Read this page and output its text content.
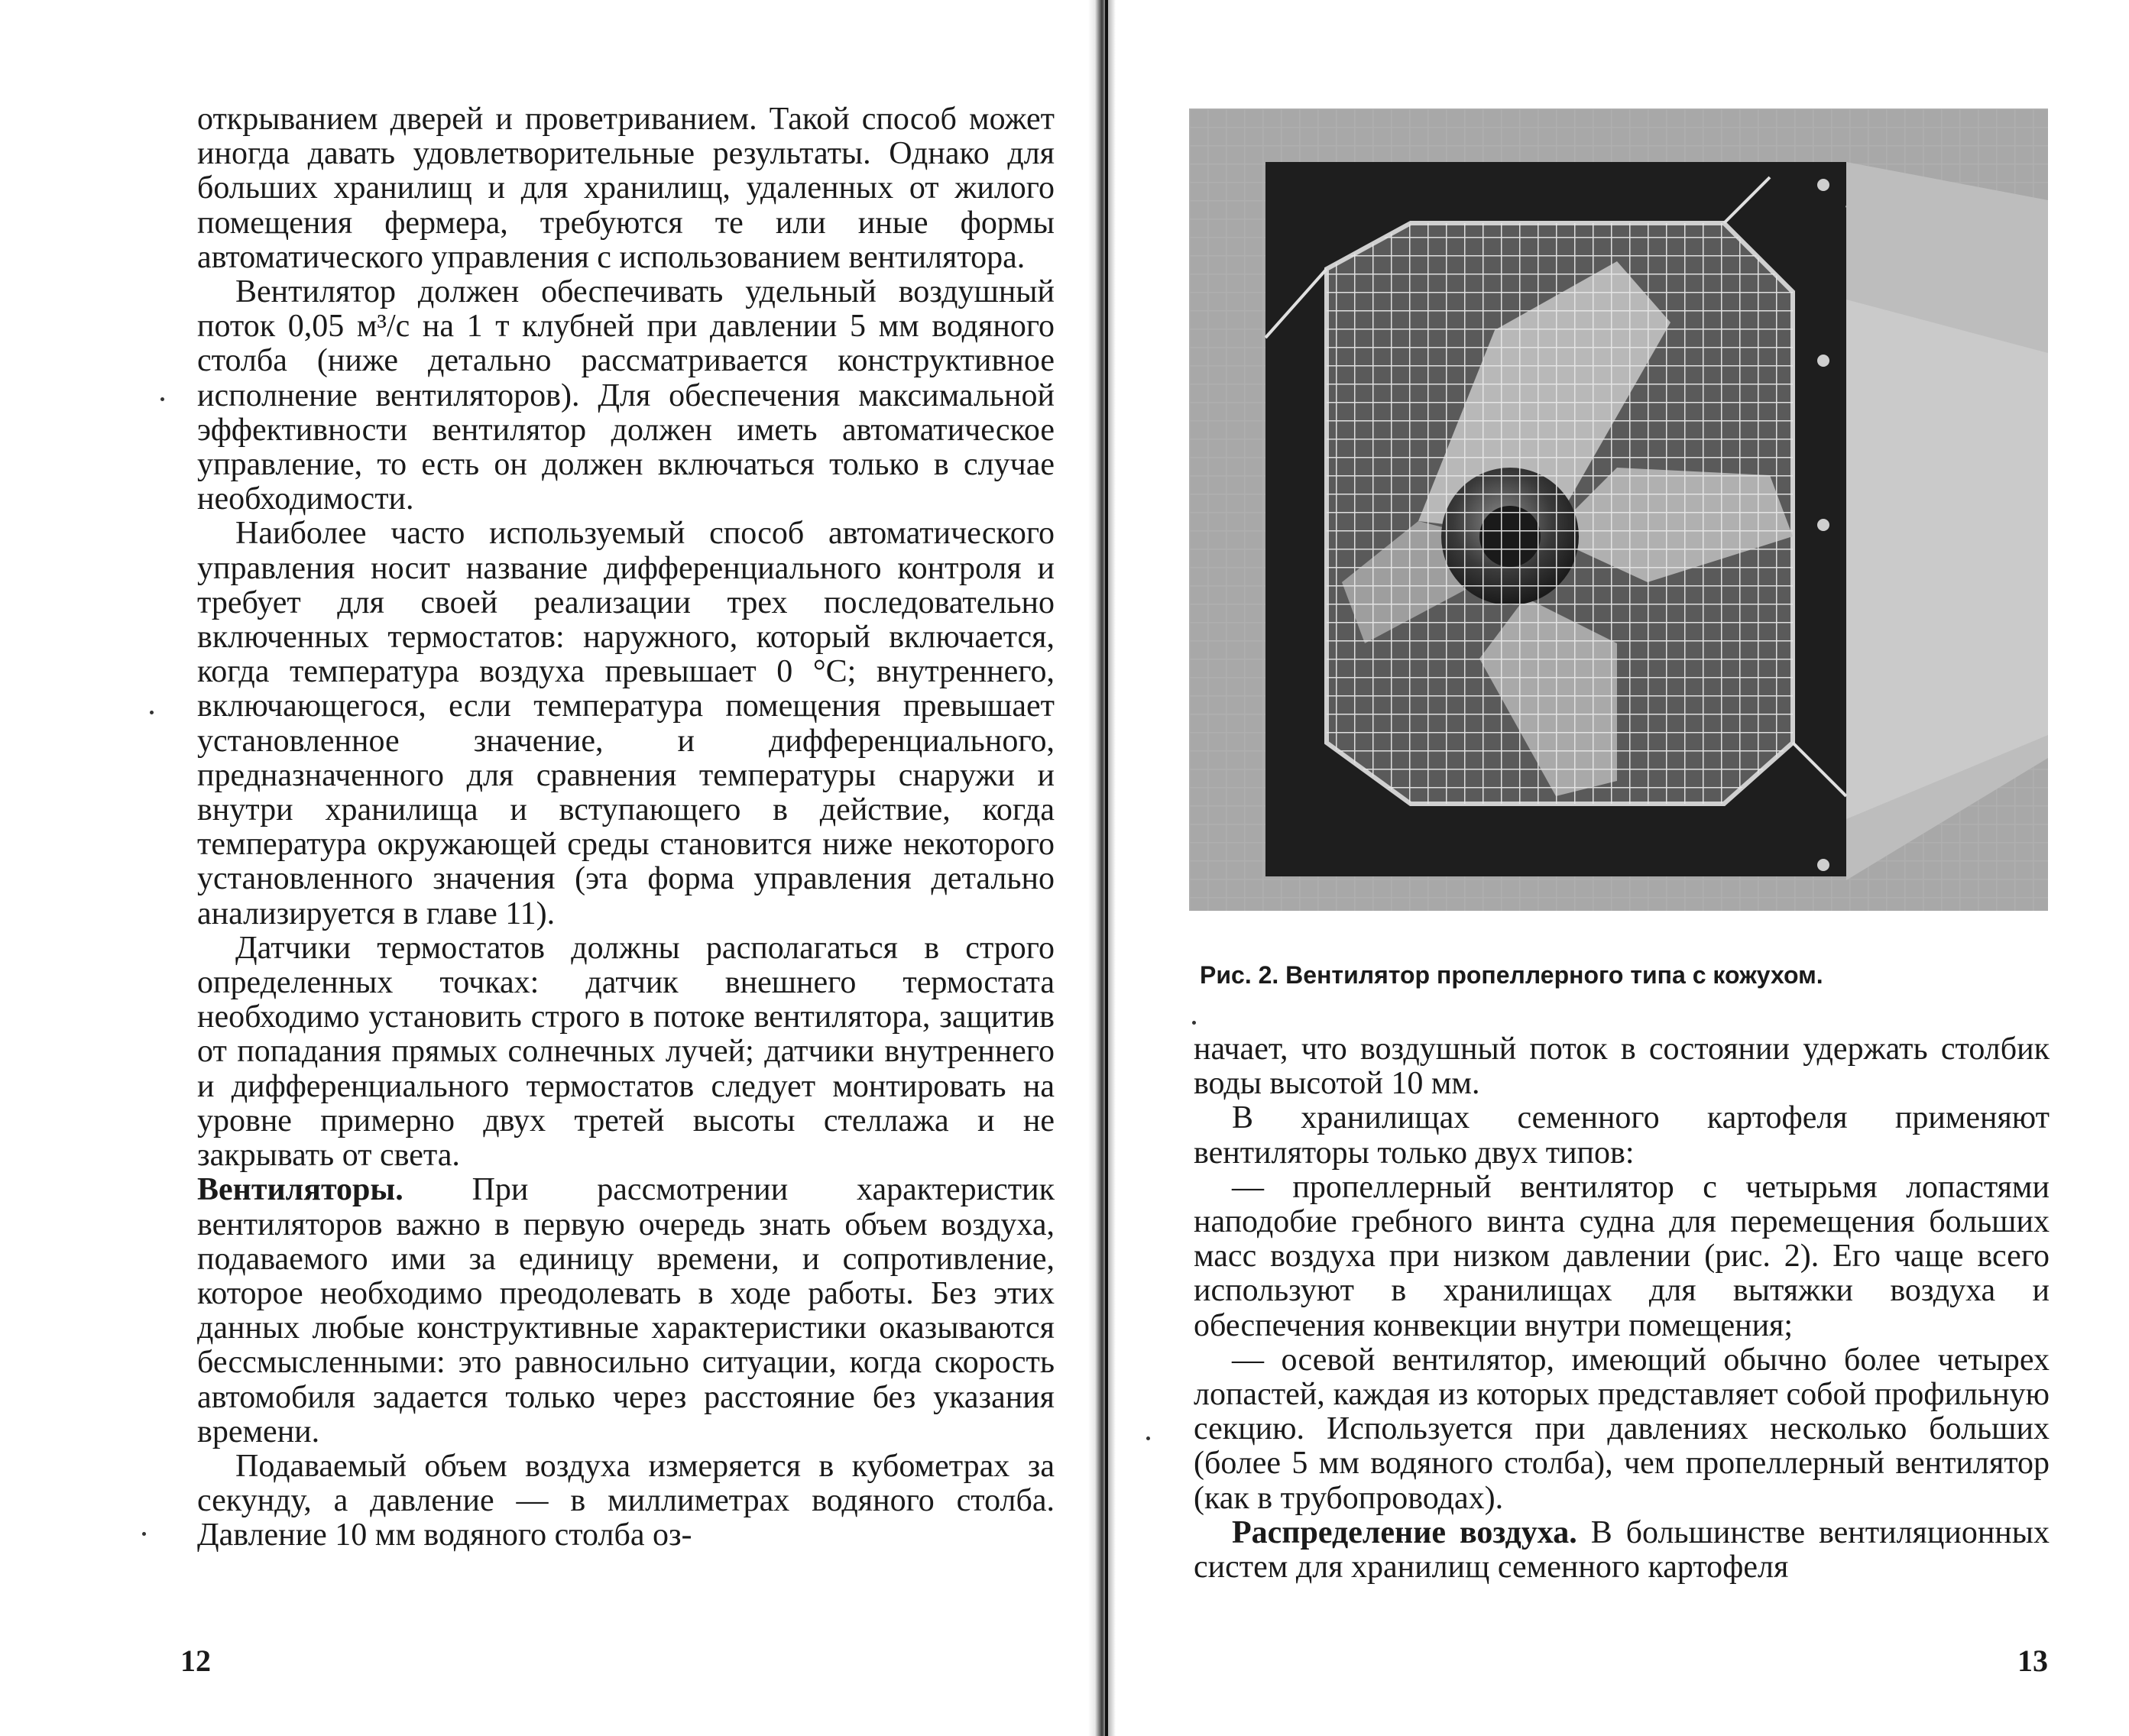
открыванием дверей и проветриванием. Такой способ может иногда давать удовлетворительные результаты. Однако для больших хранилищ и для хранилищ, удаленных от жилого помещения фермера, требуются те или иные формы автоматического управления с использованием вентилятора.

Вентилятор должен обеспечивать удельный воздушный поток 0,05 м³/с на 1 т клубней при давлении 5 мм водяного столба (ниже детально рассматривается конструктивное исполнение вентиляторов). Для обеспечения максимальной эффективности вентилятор должен иметь автоматическое управление, то есть он должен включаться только в случае необходимости.

Наиболее часто используемый способ автоматического управления носит название дифференциального контроля и требует для своей реализации трех последовательно включенных термостатов: наружного, который включается, когда температура воздуха превышает 0 °С; внутреннего, включающегося, если температура помещения превышает установленное значение, и дифференциального, предназначенного для сравнения температуры снаружи и внутри хранилища и вступающего в действие, когда температура окружающей среды становится ниже некоторого установленного значения (эта форма управления детально анализируется в главе 11).

Датчики термостатов должны располагаться в строго определенных точках: датчик внешнего термостата необходимо установить строго в потоке вентилятора, защитив от попадания прямых солнечных лучей; датчики внутреннего и дифференциального термостатов следует монтировать на уровне примерно двух третей высоты стеллажа и не закрывать от света.

Вентиляторы. При рассмотрении характеристик вентиляторов важно в первую очередь знать объем воздуха, подаваемого ими за единицу времени, и сопротивление, которое необходимо преодолевать в ходе работы. Без этих данных любые конструктивные характеристики оказываются бессмысленными: это равносильно ситуации, когда скорость автомобиля задается только через расстояние без указания времени.

Подаваемый объем воздуха измеряется в кубометрах за секунду, а давление — в миллиметрах водяного столба. Давление 10 мм водяного столба оз-

12
Рис. 2. Вентилятор пропеллерного типа с кожухом.

начает, что воздушный поток в состоянии удержать столбик воды высотой 10 мм.

В хранилищах семенного картофеля применяют вентиляторы только двух типов:

— пропеллерный вентилятор с четырьмя лопастями наподобие гребного винта судна для перемещения больших масс воздуха при низком давлении (рис. 2). Его чаще всего используют в хранилищах для вытяжки воздуха и обеспечения конвекции внутри помещения;

— осевой вентилятор, имеющий обычно более четырех лопастей, каждая из которых представляет собой профильную секцию. Используется при давлениях несколько больших (более 5 мм водяного столба), чем пропеллерный вентилятор (как в трубопроводах).

Распределение воздуха. В большинстве вентиляционных систем для хранилищ семенного картофеля

13
